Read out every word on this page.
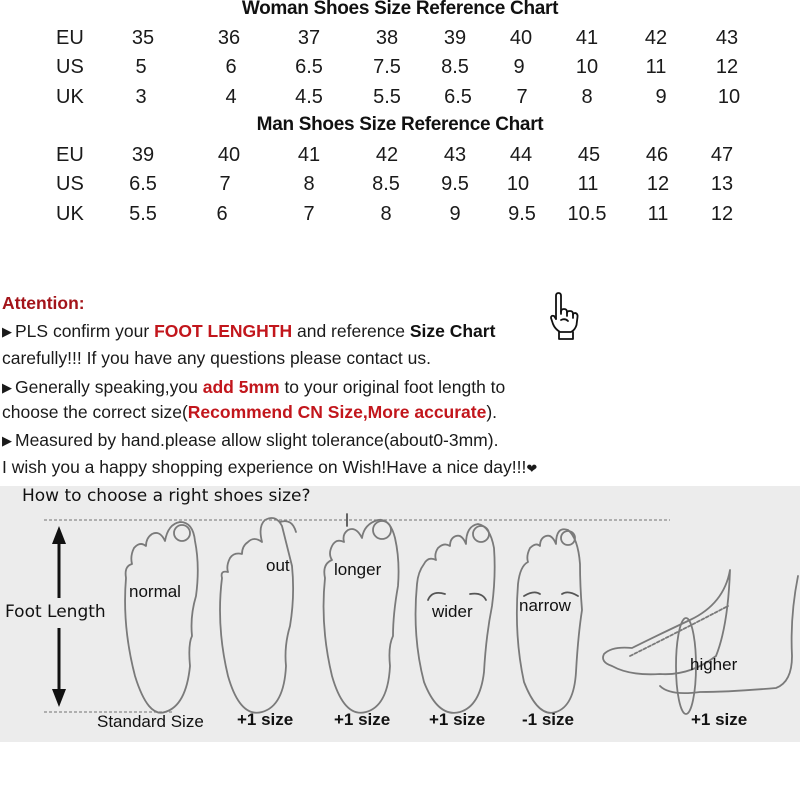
Woman Shoes Size Reference Chart
EU 35	36	37	38 39 40 41 42 43
US	5	6	6.5	7.5 8.5 9	10 11 12
UK	3	4	4.5	5.5 6.5 7	8	9	10
Man Shoes Size Reference Chart
EU 39	40	41	42 43 44 45 46 47
US 6.5	7	8	8.5 9.5 10 11 12 13
UK 5.5	6	7	8	9 9.5 10.5 11 12
Attention:
▶ PLS confirm your FOOT LENGHTH and reference Size Chart
carefully!!! If you have any questions please contact us.
▶ Generally speaking,you add 5mm to your original foot length to
choose the correct size(Recommend CN Size,More accurate).
▶ Measured by hand.please allow slight tolerance(about0-3mm).
I wish you a happy shopping experience on Wish!Have a nice day!!!❤
How to choose a right shoes size?
Foot Length
normal
out	longer
wider	narrow
higher
Standard Size +1 size +1 size +1 size -1 size	+1 size
